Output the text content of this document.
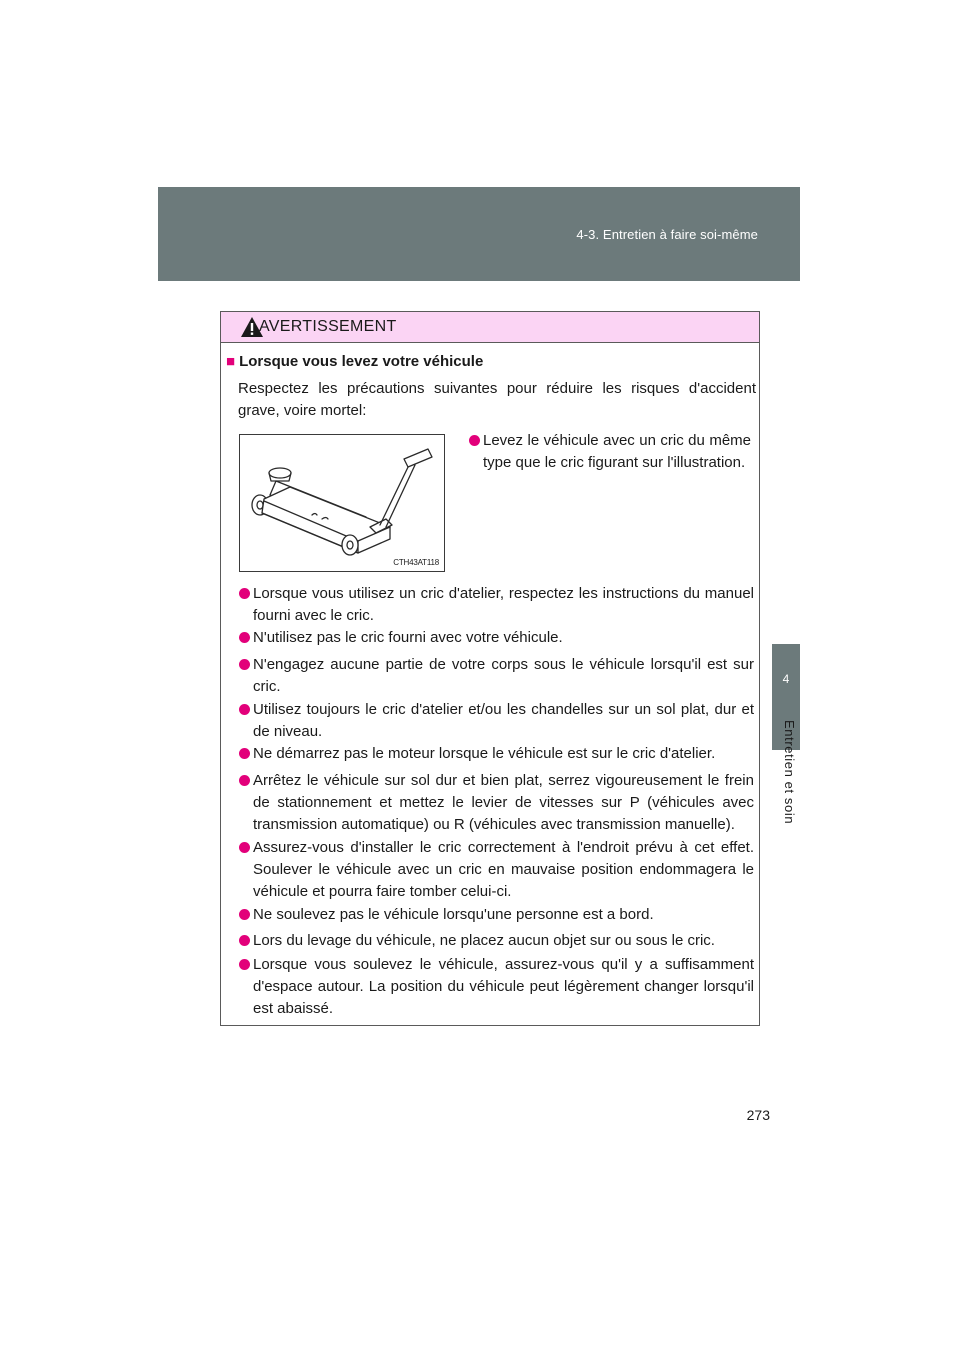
4-3. Entretien à faire soi-même
4
Entretien et soin
AVERTISSEMENT
■ Lorsque vous levez votre véhicule
Respectez les précautions suivantes pour réduire les risques d'accident grave, voire mortel:
CTH43AT118
Levez le véhicule avec un cric du même type que le cric figurant sur l'illustration.
Lorsque vous utilisez un cric d'atelier, respectez les instructions du manuel fourni avec le cric.
N'utilisez pas le cric fourni avec votre véhicule.
N'engagez aucune partie de votre corps sous le véhicule lorsqu'il est sur cric.
Utilisez toujours le cric d'atelier et/ou les chandelles sur un sol plat, dur et de niveau.
Ne démarrez pas le moteur lorsque le véhicule est sur le cric d'atelier.
Arrêtez le véhicule sur sol dur et bien plat, serrez vigoureusement le frein de stationnement et mettez le levier de vitesses sur P (véhicules avec transmission automatique) ou R (véhicules avec transmission manuelle).
Assurez-vous d'installer le cric correctement à l'endroit prévu à cet effet. Soulever le véhicule avec un cric en mauvaise position endommagera le véhicule et pourra faire tomber celui-ci.
Ne soulevez pas le véhicule lorsqu'une personne est a bord.
Lors du levage du véhicule, ne placez aucun objet sur ou sous le cric.
Lorsque vous soulevez le véhicule, assurez-vous qu'il y a suffisamment d'espace autour. La position du véhicule peut légèrement changer lorsqu'il est abaissé.
273
